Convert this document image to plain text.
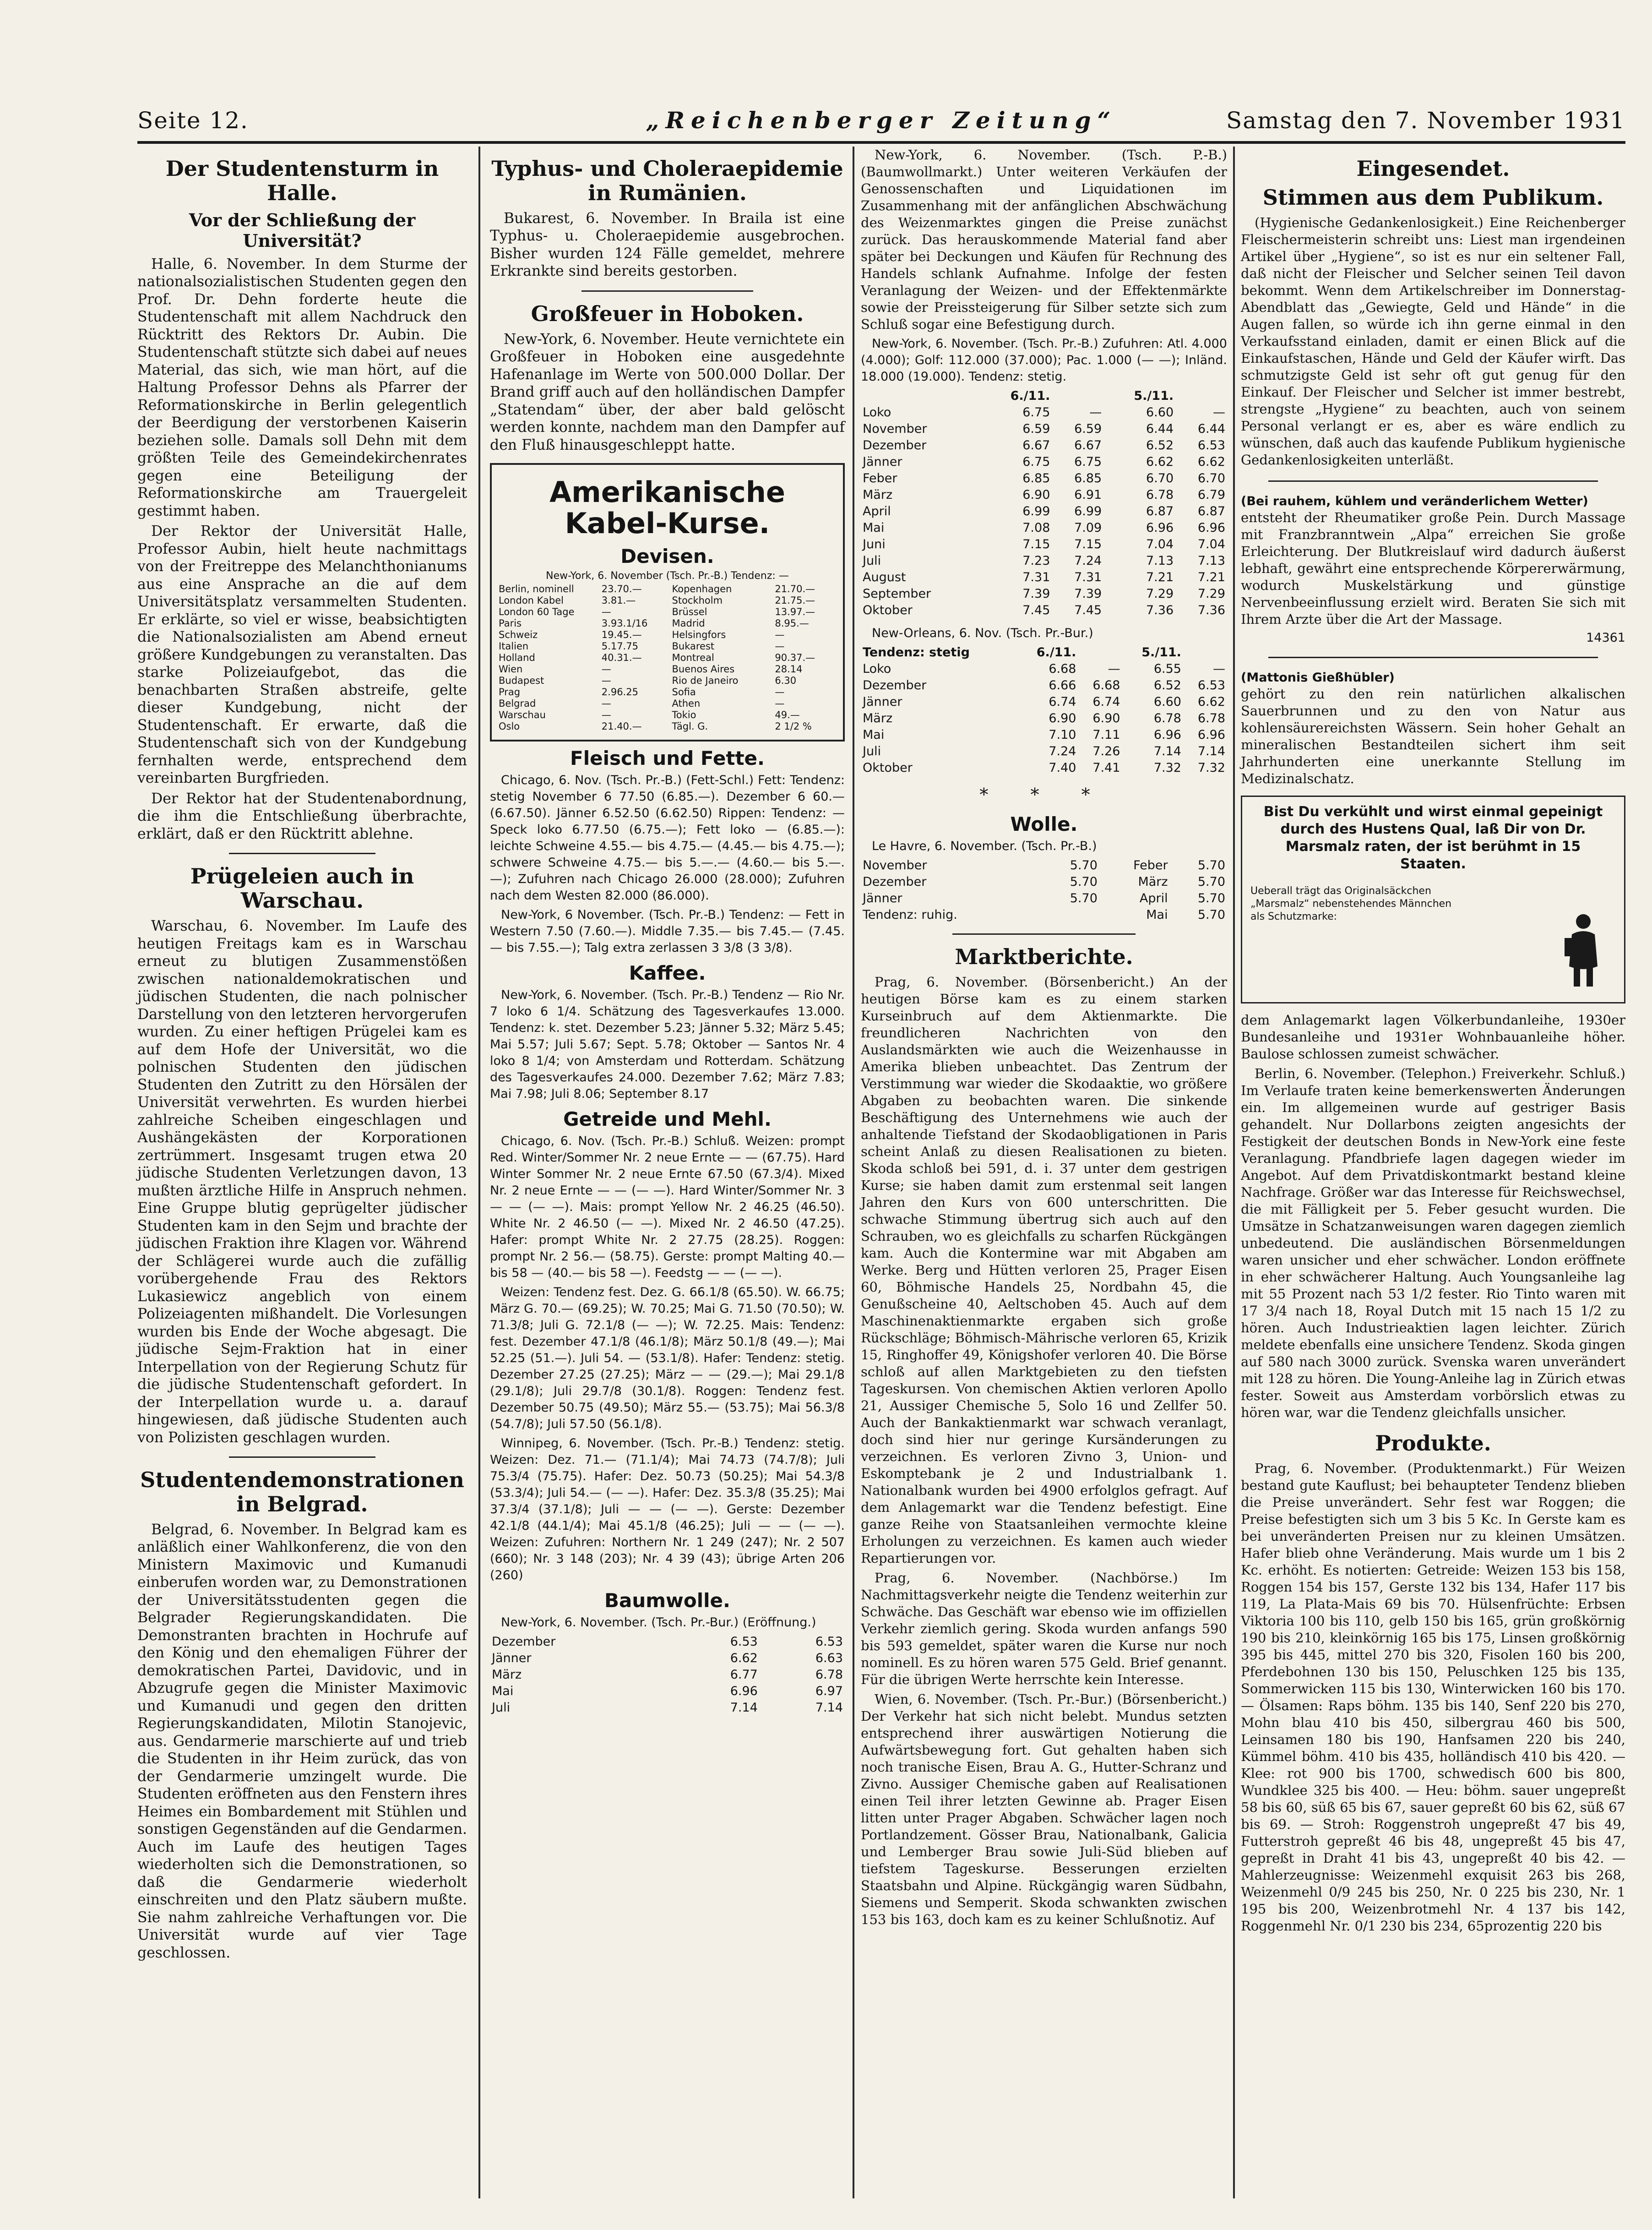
Seite 12.	„Reichenberger Zeitung“	Samstag den 7. November 1931
Der Studentensturm in Halle.
Vor der Schließung der Universität?

Halle, 6. November. In dem Sturme der nationalsozialistischen Studenten gegen den Prof. Dr. Dehn forderte heute die Studentenschaft mit allem Nachdruck den Rücktritt des Rektors Dr. Aubin. Die Studentenschaft stützte sich dabei auf neues Material, das sich, wie man hört, auf die Haltung Professor Dehns als Pfarrer der Reformationskirche in Berlin gelegentlich der Beerdigung der verstorbenen Kaiserin beziehen solle. Damals soll Dehn mit dem größten Teile des Gemeindekirchenrates gegen eine Beteiligung der Reformationskirche am Trauergeleit gestimmt haben.

Der Rektor der Universität Halle, Professor Aubin, hielt heute nachmittags von der Freitreppe des Melanchthonianums aus eine Ansprache an die auf dem Universitätsplatz versammelten Studenten. Er erklärte, so viel er wisse, beabsichtigten die Nationalsozialisten am Abend erneut größere Kundgebungen zu veranstalten. Das starke Polizeiaufgebot, das die benachbarten Straßen abstreife, gelte dieser Kundgebung, nicht der Studentenschaft. Er erwarte, daß die Studentenschaft sich von der Kundgebung fernhalten werde, entsprechend dem vereinbarten Burgfrieden.

Der Rektor hat der Studentenabordnung, die ihm die Entschließung überbrachte, erklärt, daß er den Rücktritt ablehne.

Prügeleien auch in Warschau.

Warschau, 6. November. Im Laufe des heutigen Freitags kam es in Warschau erneut zu blutigen Zusammenstößen zwischen nationaldemokratischen und jüdischen Studenten, die nach polnischer Darstellung von den letzteren hervorgerufen wurden. Zu einer heftigen Prügelei kam es auf dem Hofe der Universität, wo die polnischen Studenten den jüdischen Studenten den Zutritt zu den Hörsälen der Universität verwehrten. Es wurden hierbei zahlreiche Scheiben eingeschlagen und Aushängekästen der Korporationen zertrümmert. Insgesamt trugen etwa 20 jüdische Studenten Verletzungen davon, 13 mußten ärztliche Hilfe in Anspruch nehmen. Eine Gruppe blutig geprügelter jüdischer Studenten kam in den Sejm und brachte der jüdischen Fraktion ihre Klagen vor. Während der Schlägerei wurde auch die zufällig vorübergehende Frau des Rektors Lukasiewicz angeblich von einem Polizeiagenten mißhandelt. Die Vorlesungen wurden bis Ende der Woche abgesagt. Die jüdische Sejm-Fraktion hat in einer Interpellation von der Regierung Schutz für die jüdische Studentenschaft gefordert. In der Interpellation wurde u. a. darauf hingewiesen, daß jüdische Studenten auch von Polizisten geschlagen wurden.

Studentendemonstrationen in Belgrad.

Belgrad, 6. November. In Belgrad kam es anläßlich einer Wahlkonferenz, die von den Ministern Maximovic und Kumanudi einberufen worden war, zu Demonstrationen der Universitätsstudenten gegen die Belgrader Regierungskandidaten. Die Demonstranten brachten in Hochrufe auf den König und den ehemaligen Führer der demokratischen Partei, Davidovic, und in Abzugrufe gegen die Minister Maximovic und Kumanudi und gegen den dritten Regierungskandidaten, Milotin Stanojevic, aus. Gendarmerie marschierte auf und trieb die Studenten in ihr Heim zurück, das von der Gendarmerie umzingelt wurde. Die Studenten eröffneten aus den Fenstern ihres Heimes ein Bombardement mit Stühlen und sonstigen Gegenständen auf die Gendarmen. Auch im Laufe des heutigen Tages wiederholten sich die Demonstrationen, so daß die Gendarmerie wiederholt einschreiten und den Platz säubern mußte. Sie nahm zahlreiche Verhaftungen vor. Die Universität wurde auf vier Tage geschlossen.

Typhus- und Choleraepidemie in Rumänien.

Bukarest, 6. November. In Braila ist eine Typhus- u. Choleraepidemie ausgebrochen. Bisher wurden 124 Fälle gemeldet, mehrere Erkrankte sind bereits gestorben.

Großfeuer in Hoboken.

New-York, 6. November. Heute vernichtete ein Großfeuer in Hoboken eine ausgedehnte Hafenanlage im Werte von 500.000 Dollar. Der Brand griff auch auf den holländischen Dampfer „Statendam“ über, der aber bald gelöscht werden konnte, nachdem man den Dampfer auf den Fluß hinausgeschleppt hatte.

Amerikanische Kabel-Kurse.
Devisen.
New-York, 6. November (Tsch. Pr.-B.) Tendenz: —
Berlin, nominell	23.70.—
London Kabel	3.81.—
London 60 Tage	—
Paris	3.93.1/16
Schweiz	19.45.—
Italien	5.17.75
Holland	40.31.—
Wien	—
Budapest	—
Prag	2.96.25
Belgrad	—
Warschau	—
Oslo	21.40.—
Kopenhagen	21.70.—
Stockholm	21.75.—
Brüssel	13.97.—
Madrid	8.95.—
Helsingfors	—
Bukarest	—
Montreal	90.37.—
Buenos Aires	28.14
Rio de Janeiro	6.30
Sofia	—
Athen	—
Tokio	49.—
Tägl. G.	2 1/2 %
Fleisch und Fette.
Chicago, 6. Nov. (Tsch. Pr.-B.) (Fett-Schl.) Fett: Tendenz: stetig November 6 77.50 (6.85.—). Dezember 6 60.— (6.67.50). Jänner 6.52.50 (6.62.50) Rippen: Tendenz: — Speck loko 6.77.50 (6.75.—); Fett loko — (6.85.—): leichte Schweine 4.55.— bis 4.75.— (4.45.— bis 4.75.—); schwere Schweine 4.75.— bis 5.—.— (4.60.— bis 5.—.—); Zufuhren nach Chicago 26.000 (28.000); Zufuhren nach dem Westen 82.000 (86.000).
New-York, 6 November. (Tsch. Pr.-B.) Tendenz: — Fett in Western 7.50 (7.60.—). Middle 7.35.— bis 7.45.— (7.45.— bis 7.55.—); Talg extra zerlassen 3 3/8 (3 3/8).
Kaffee.
New-York, 6. November. (Tsch. Pr.-B.) Tendenz — Rio Nr. 7 loko 6 1/4. Schätzung des Tagesverkaufes 13.000. Tendenz: k. stet. Dezember 5.23; Jänner 5.32; März 5.45; Mai 5.57; Juli 5.67; Sept. 5.78; Oktober — Santos Nr. 4 loko 8 1/4; von Amsterdam und Rotterdam. Schätzung des Tagesverkaufes 24.000. Dezember 7.62; März 7.83; Mai 7.98; Juli 8.06; September 8.17
Getreide und Mehl.
Chicago, 6. Nov. (Tsch. Pr.-B.) Schluß. Weizen: prompt Red. Winter/Sommer Nr. 2 neue Ernte — — (67.75). Hard Winter Sommer Nr. 2 neue Ernte 67.50 (67.3/4). Mixed Nr. 2 neue Ernte — — (— —). Hard Winter/Sommer Nr. 3 — — (— —). Mais: prompt Yellow Nr. 2 46.25 (46.50). White Nr. 2 46.50 (— —). Mixed Nr. 2 46.50 (47.25). Hafer: prompt White Nr. 2 27.75 (28.25). Roggen: prompt Nr. 2 56.— (58.75). Gerste: prompt Malting 40.— bis 58 — (40.— bis 58 —). Feedstg — — (— —).
Weizen: Tendenz fest. Dez. G. 66.1/8 (65.50). W. 66.75; März G. 70.— (69.25); W. 70.25; Mai G. 71.50 (70.50); W. 71.3/8; Juli G. 72.1/8 (— —); W. 72.25. Mais: Tendenz: fest. Dezember 47.1/8 (46.1/8); März 50.1/8 (49.—); Mai 52.25 (51.—). Juli 54. — (53.1/8). Hafer: Tendenz: stetig. Dezember 27.25 (27.25); März — — (29.—); Mai 29.1/8 (29.1/8); Juli 29.7/8 (30.1/8). Roggen: Tendenz fest. Dezember 50.75 (49.50); März 55.— (53.75); Mai 56.3/8 (54.7/8); Juli 57.50 (56.1/8).
Winnipeg, 6. November. (Tsch. Pr.-B.) Tendenz: stetig. Weizen: Dez. 71.— (71.1/4); Mai 74.73 (74.7/8); Juli 75.3/4 (75.75). Hafer: Dez. 50.73 (50.25); Mai 54.3/8 (53.3/4); Juli 54.— (— —). Hafer: Dez. 35.3/8 (35.25); Mai 37.3/4 (37.1/8); Juli — — (— —). Gerste: Dezember 42.1/8 (44.1/4); Mai 45.1/8 (46.25); Juli — — (— —). Weizen: Zufuhren: Northern Nr. 1 249 (247); Nr. 2 507 (660); Nr. 3 148 (203); Nr. 4 39 (43); übrige Arten 206 (260)
Baumwolle.
New-York, 6. November. (Tsch. Pr.-Bur.) (Eröffnung.)
Dezember	6.53	6.53
Jänner	6.62	6.63
März	6.77	6.78
Mai	6.96	6.97
Juli	7.14	7.14

New-York, 6. November. (Tsch. P.-B.) (Baumwollmarkt.) Unter weiteren Verkäufen der Genossenschaften und Liquidationen im Zusammenhang mit der anfänglichen Abschwächung des Weizenmarktes gingen die Preise zunächst zurück. Das herauskommende Material fand aber später bei Deckungen und Käufen für Rechnung des Handels schlank Aufnahme. Infolge der festen Veranlagung der Weizen- und der Effektenmärkte sowie der Preissteigerung für Silber setzte sich zum Schluß sogar eine Befestigung durch.

New-York, 6. November. (Tsch. Pr.-B.) Zufuhren: Atl. 4.000 (4.000); Golf: 112.000 (37.000); Pac. 1.000 (— —); Inländ. 18.000 (19.000). Tendenz: stetig.
	6./11.		5./11.	
Loko	6.75	—	6.60	—
November	6.59	6.59	6.44	6.44
Dezember	6.67	6.67	6.52	6.53
Jänner	6.75	6.75	6.62	6.62
Feber	6.85	6.85	6.70	6.70
März	6.90	6.91	6.78	6.79
April	6.99	6.99	6.87	6.87
Mai	7.08	7.09	6.96	6.96
Juni	7.15	7.15	7.04	7.04
Juli	7.23	7.24	7.13	7.13
August	7.31	7.31	7.21	7.21
September	7.39	7.39	7.29	7.29
Oktober	7.45	7.45	7.36	7.36
New-Orleans, 6. Nov. (Tsch. Pr.-Bur.)
Tendenz: stetig	6./11.		5./11.	
Loko	6.68	—	6.55	—
Dezember	6.66	6.68	6.52	6.53
Jänner	6.74	6.74	6.60	6.62
März	6.90	6.90	6.78	6.78
Mai	7.10	7.11	6.96	6.96
Juli	7.24	7.26	7.14	7.14
Oktober	7.40	7.41	7.32	7.32
* * *
Wolle.
Le Havre, 6. November. (Tsch. Pr.-B.)
November	5.70	Feber	5.70
Dezember	5.70	März	5.70
Jänner	5.70	April	5.70
Tendenz: ruhig.		Mai	5.70
Marktberichte.

Prag, 6. November. (Börsenbericht.) An der heutigen Börse kam es zu einem starken Kurseinbruch auf dem Aktienmarkte. Die freundlicheren Nachrichten von den Auslandsmärkten wie auch die Weizenhausse in Amerika blieben unbeachtet. Das Zentrum der Verstimmung war wieder die Skodaaktie, wo größere Abgaben zu beobachten waren. Die sinkende Beschäftigung des Unternehmens wie auch der anhaltende Tiefstand der Skodaobligationen in Paris scheint Anlaß zu diesen Realisationen zu bieten. Skoda schloß bei 591, d. i. 37 unter dem gestrigen Kurse; sie haben damit zum erstenmal seit langen Jahren den Kurs von 600 unterschritten. Die schwache Stimmung übertrug sich auch auf den Schrauben, wo es gleichfalls zu scharfen Rückgängen kam. Auch die Kontermine war mit Abgaben am Werke. Berg und Hütten verloren 25, Prager Eisen 60, Böhmische Handels 25, Nordbahn 45, die Genußscheine 40, Aeltschoben 45. Auch auf dem Maschinenaktienmarkte ergaben sich große Rückschläge; Böhmisch-Mährische verloren 65, Krizik 15, Ringhoffer 49, Königshofer verloren 40. Die Börse schloß auf allen Marktgebieten zu den tiefsten Tageskursen. Von chemischen Aktien verloren Apollo 21, Aussiger Chemische 5, Solo 16 und Zellfer 50. Auch der Bankaktienmarkt war schwach veranlagt, doch sind hier nur geringe Kursänderungen zu verzeichnen. Es verloren Zivno 3, Union- und Eskomptebank je 2 und Industrialbank 1. Nationalbank wurden bei 4900 erfolglos gefragt. Auf dem Anlagemarkt war die Tendenz befestigt. Eine ganze Reihe von Staatsanleihen vermochte kleine Erholungen zu verzeichnen. Es kamen auch wieder Repartierungen vor.

Prag, 6. November. (Nachbörse.) Im Nachmittagsverkehr neigte die Tendenz weiterhin zur Schwäche. Das Geschäft war ebenso wie im offiziellen Verkehr ziemlich gering. Skoda wurden anfangs 590 bis 593 gemeldet, später waren die Kurse nur noch nominell. Es zu hören waren 575 Geld. Brief genannt. Für die übrigen Werte herrschte kein Interesse.

Wien, 6. November. (Tsch. Pr.-Bur.) (Börsenbericht.) Der Verkehr hat sich nicht belebt. Mundus setzten entsprechend ihrer auswärtigen Notierung die Aufwärtsbewegung fort. Gut gehalten haben sich noch tranische Eisen, Brau A. G., Hutter-Schranz und Zivno. Aussiger Chemische gaben auf Realisationen einen Teil ihrer letzten Gewinne ab. Prager Eisen litten unter Prager Abgaben. Schwächer lagen noch Portlandzement. Gösser Brau, Nationalbank, Galicia und Lemberger Brau sowie Juli-Süd blieben auf tiefstem Tageskurse. Besserungen erzielten Staatsbahn und Alpine. Rückgängig waren Südbahn, Siemens und Semperit. Skoda schwankten zwischen 153 bis 163, doch kam es zu keiner Schlußnotiz. Auf

Eingesendet.
Stimmen aus dem Publikum.

(Hygienische Gedankenlosigkeit.) Eine Reichenberger Fleischermeisterin schreibt uns: Liest man irgendeinen Artikel über „Hygiene“, so ist es nur ein seltener Fall, daß nicht der Fleischer und Selcher seinen Teil davon bekommt. Wenn dem Artikelschreiber im Donnerstag-Abendblatt das „Gewiegte, Geld und Hände“ in die Augen fallen, so würde ich ihn gerne einmal in den Verkaufsstand einladen, damit er einen Blick auf die Einkaufstaschen, Hände und Geld der Käufer wirft. Das schmutzigste Geld ist sehr oft gut genug für den Einkauf. Der Fleischer und Selcher ist immer bestrebt, strengste „Hygiene“ zu beachten, auch von seinem Personal verlangt er es, aber es wäre endlich zu wünschen, daß auch das kaufende Publikum hygienische Gedankenlosigkeiten unterläßt.

(Bei rauhem, kühlem und veränderlichem Wetter)

entsteht der Rheumatiker große Pein. Durch Massage mit Franzbranntwein „Alpa“ erreichen Sie große Erleichterung. Der Blutkreislauf wird dadurch äußerst lebhaft, gewährt eine entsprechende Körpererwärmung, wodurch Muskelstärkung und günstige Nervenbeeinflussung erzielt wird. Beraten Sie sich mit Ihrem Arzte über die Art der Massage.

14361
(Mattonis Gießhübler)

gehört zu den rein natürlichen alkalischen Sauerbrunnen und zu den von Natur aus kohlensäurereichsten Wässern. Sein hoher Gehalt an mineralischen Bestandteilen sichert ihm seit Jahrhunderten eine unerkannte Stellung im Medizinalschatz.

Bist Du verkühlt und wirst einmal gepeinigt durch des Hustens Qual, laß Dir von Dr. Marsmalz raten, der ist berühmt in 15 Staaten.
Ueberall trägt das Originalsäckchen „Marsmalz“ nebenstehendes Männchen als Schutzmarke:

dem Anlagemarkt lagen Völkerbundanleihe, 1930er Bundesanleihe und 1931er Wohnbauanleihe höher. Baulose schlossen zumeist schwächer.

Berlin, 6. November. (Telephon.) Freiverkehr. Schluß.) Im Verlaufe traten keine bemerkenswerten Änderungen ein. Im allgemeinen wurde auf gestriger Basis gehandelt. Nur Dollarbons zeigten angesichts der Festigkeit der deutschen Bonds in New-York eine feste Veranlagung. Pfandbriefe lagen dagegen wieder im Angebot. Auf dem Privatdiskontmarkt bestand kleine Nachfrage. Größer war das Interesse für Reichswechsel, die mit Fälligkeit per 5. Feber gesucht wurden. Die Umsätze in Schatzanweisungen waren dagegen ziemlich unbedeutend. Die ausländischen Börsenmeldungen waren unsicher und eher schwächer. London eröffnete in eher schwächerer Haltung. Auch Youngsanleihe lag mit 55 Prozent nach 53 1/2 fester. Rio Tinto waren mit 17 3/4 nach 18, Royal Dutch mit 15 nach 15 1/2 zu hören. Auch Industrieaktien lagen leichter. Zürich meldete ebenfalls eine unsichere Tendenz. Skoda gingen auf 580 nach 3000 zurück. Svenska waren unverändert mit 128 zu hören. Die Young-Anleihe lag in Zürich etwas fester. Soweit aus Amsterdam vorbörslich etwas zu hören war, war die Tendenz gleichfalls unsicher.

Produkte.

Prag, 6. November. (Produktenmarkt.) Für Weizen bestand gute Kauflust; bei behaupteter Tendenz blieben die Preise unverändert. Sehr fest war Roggen; die Preise befestigten sich um 3 bis 5 Kc. In Gerste kam es bei unveränderten Preisen nur zu kleinen Umsätzen. Hafer blieb ohne Veränderung. Mais wurde um 1 bis 2 Kc. erhöht. Es notierten: Getreide: Weizen 153 bis 158, Roggen 154 bis 157, Gerste 132 bis 134, Hafer 117 bis 119, La Plata-Mais 69 bis 70. Hülsenfrüchte: Erbsen Viktoria 100 bis 110, gelb 150 bis 165, grün großkörnig 190 bis 210, kleinkörnig 165 bis 175, Linsen großkörnig 395 bis 445, mittel 270 bis 320, Fisolen 160 bis 200, Pferdebohnen 130 bis 150, Peluschken 125 bis 135, Sommerwicken 115 bis 130, Winterwicken 160 bis 170. — Ölsamen: Raps böhm. 135 bis 140, Senf 220 bis 270, Mohn blau 410 bis 450, silbergrau 460 bis 500, Leinsamen 180 bis 190, Hanfsamen 220 bis 240, Kümmel böhm. 410 bis 435, holländisch 410 bis 420. — Klee: rot 900 bis 1700, schwedisch 600 bis 800, Wundklee 325 bis 400. — Heu: böhm. sauer ungepreßt 58 bis 60, süß 65 bis 67, sauer gepreßt 60 bis 62, süß 67 bis 69. — Stroh: Roggenstroh ungepreßt 47 bis 49, Futterstroh gepreßt 46 bis 48, ungepreßt 45 bis 47, gepreßt in Draht 41 bis 43, ungepreßt 40 bis 42. — Mahlerzeugnisse: Weizenmehl exquisit 263 bis 268, Weizenmehl 0/9 245 bis 250, Nr. 0 225 bis 230, Nr. 1 195 bis 200, Weizenbrotmehl Nr. 4 137 bis 142, Roggenmehl Nr. 0/1 230 bis 234, 65prozentig 220 bis
